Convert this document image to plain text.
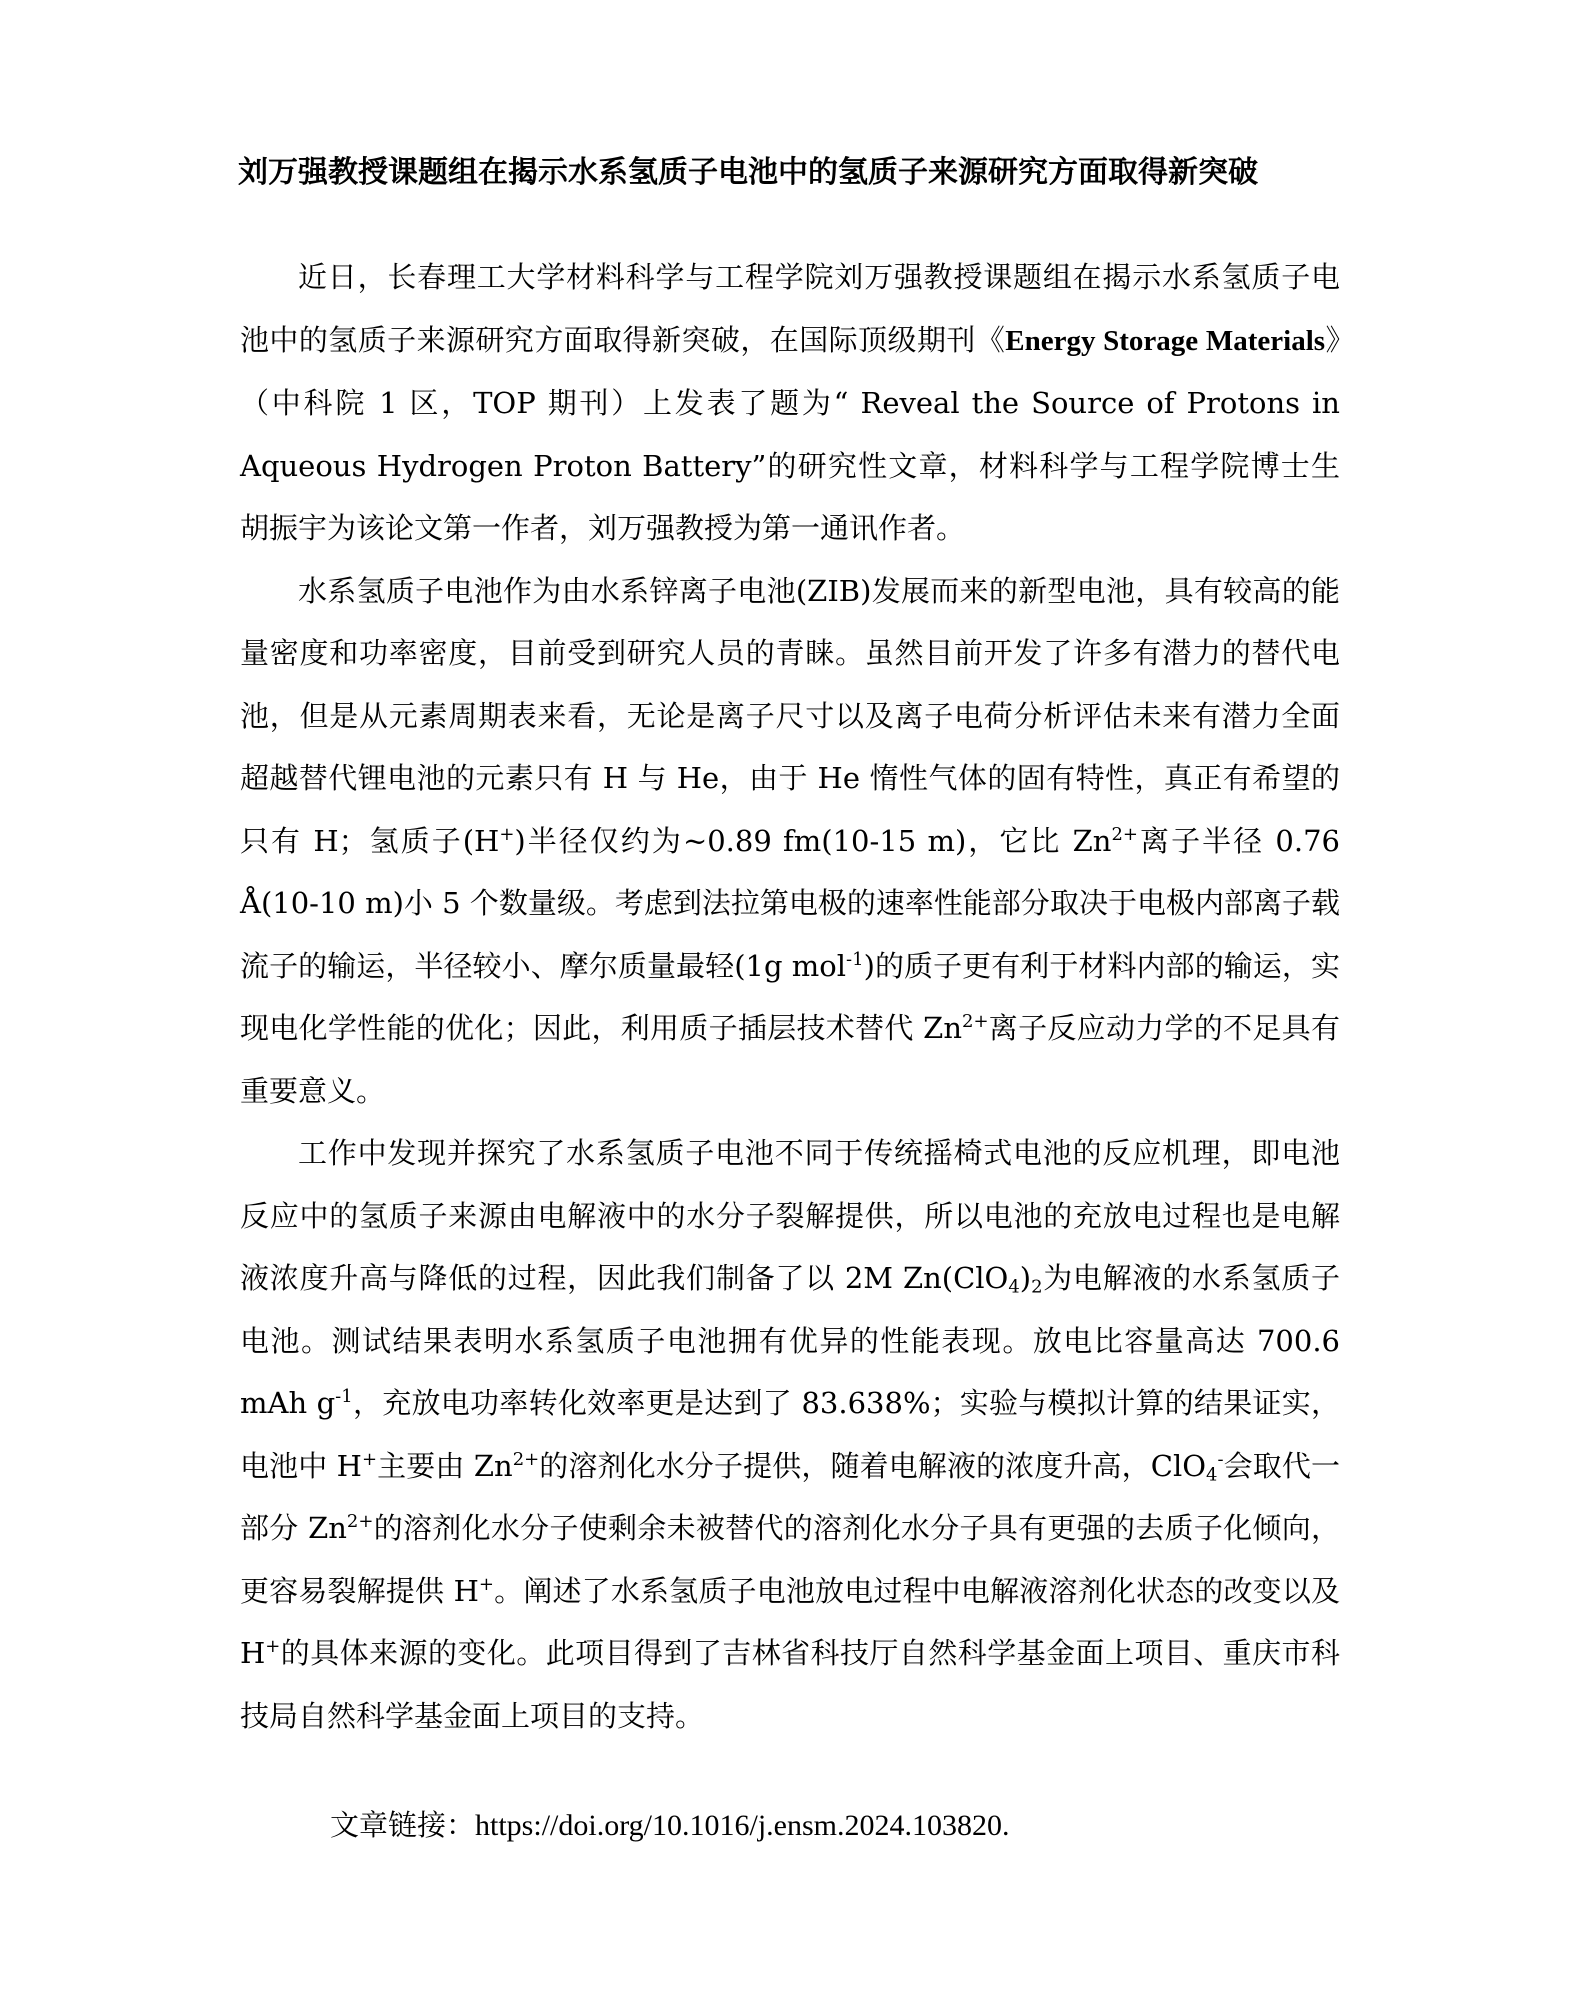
刘万强教授课题组在揭示水系氢质子电池中的氢质子来源研究方面取得新突破

近日，长春理工大学材料科学与工程学院刘万强教授课题组在揭示水系氢质子电池中的氢质子来源研究方面取得新突破，在国际顶级期刊《Energy Storage Materials》（中科院 1 区，TOP 期刊）上发表了题为“ Reveal the Source of Protons in Aqueous Hydrogen Proton Battery”的研究性文章，材料科学与工程学院博士生胡振宇为该论文第一作者，刘万强教授为第一通讯作者。

水系氢质子电池作为由水系锌离子电池(ZIB)发展而来的新型电池，具有较高的能量密度和功率密度，目前受到研究人员的青睐。虽然目前开发了许多有潜力的替代电池，但是从元素周期表来看，无论是离子尺寸以及离子电荷分析评估未来有潜力全面超越替代锂电池的元素只有 H 与 He，由于 He 惰性气体的固有特性，真正有希望的只有 H；氢质子(H+)半径仅约为~0.89 fm(10-15 m)，它比 $Zn^{2+}$离子半径 0.76 Å(10-10 m)小 5 个数量级。考虑到法拉第电极的速率性能部分取决于电极内部离子载流子的输运，半径较小、摩尔质量最轻(1g mol$^{-1}$)的质子更有利于材料内部的输运，实现电化学性能的优化；因此，利用质子插层技术替代 $Zn^{2+}$离子反应动力学的不足具有重要意义。

工作中发现并探究了水系氢质子电池不同于传统摇椅式电池的反应机理，即电池反应中的氢质子来源由电解液中的水分子裂解提供，所以电池的充放电过程也是电解液浓度升高与降低的过程，因此我们制备了以 2M $Zn(ClO_4)_2$为电解液的水系氢质子电池。测试结果表明水系氢质子电池拥有优异的性能表现。放电比容量高达 700.6 mAh $g^{-1}$，充放电功率转化效率更是达到了 83.638%；实验与模拟计算的结果证实，电池中 H+主要由 $Zn^{2+}$的溶剂化水分子提供，随着电解液的浓度升高，ClO$_4$-会取代一部分 $Zn^{2+}$的溶剂化水分子使剩余未被替代的溶剂化水分子具有更强的去质子化倾向，更容易裂解提供 H+。阐述了水系氢质子电池放电过程中电解液溶剂化状态的改变以及 H+的具体来源的变化。此项目得到了吉林省科技厅自然科学基金面上项目、重庆市科技局自然科学基金面上项目的支持。

文章链接：https://doi.org/10.1016/j.ensm.2024.103820.
